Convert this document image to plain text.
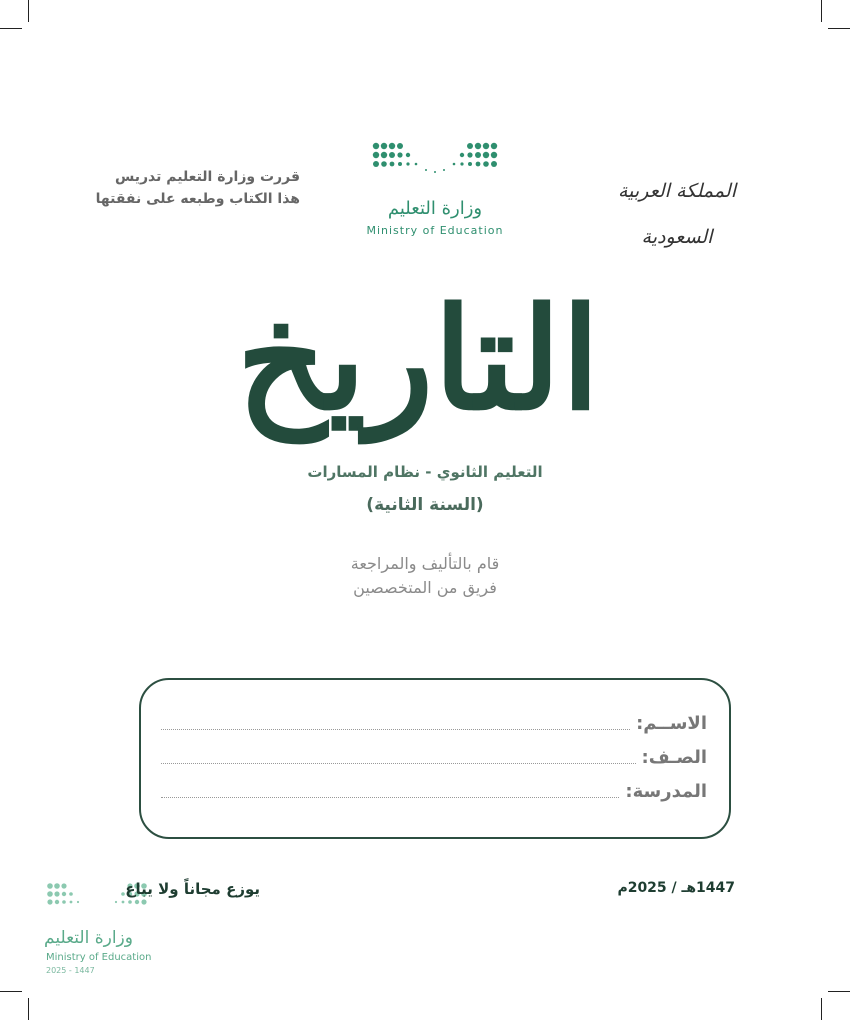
المملكة العربية السعودية
وزارة التعليم
Ministry of Education
قررت وزارة التعليم تدريس
هذا الكتاب وطبعه على نفقتها
التاريخ
التعليم الثانوي - نظام المسارات
(السنة الثانية)
قام بالتأليف والمراجعة
فريق من المتخصصين
الاســم:
الصـف:
المدرسة:
وزارة التعليم
Ministry of Education
2025 - 1447
يوزع مجاناً ولا يباع	1447هـ / 2025م
